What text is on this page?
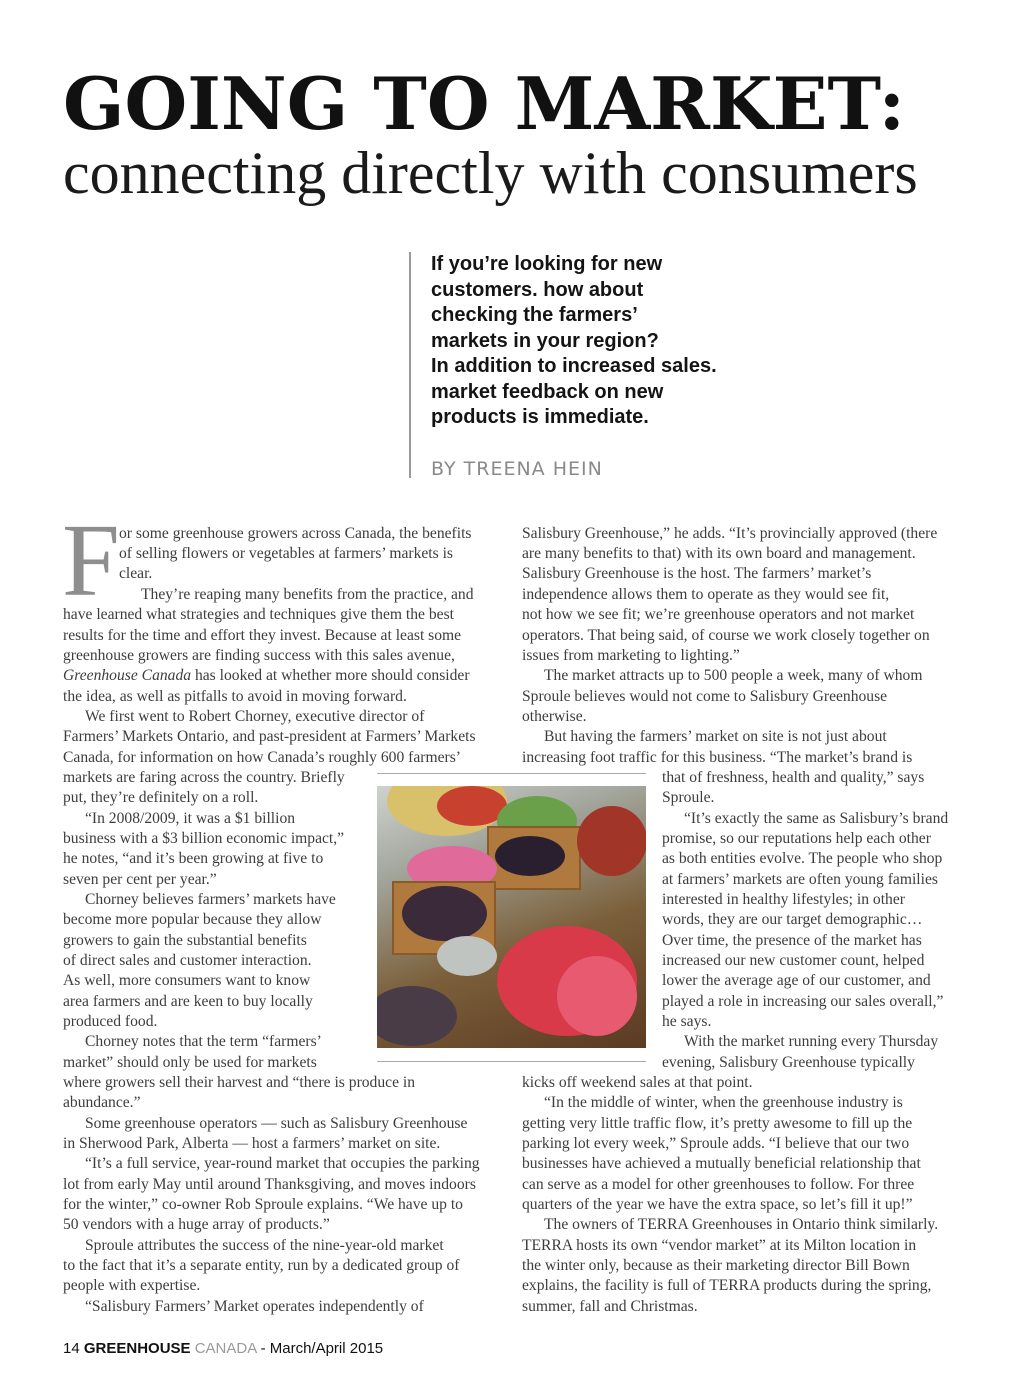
GOING TO MARKET:
connecting directly with consumers
If you’re looking for new
customers. how about
checking the farmers’
markets in your region?
In addition to increased sales.
market feedback on new
products is immediate.
BY TREENA HEIN
F or some greenhouse growers across Canada, the benefits

of selling flowers or vegetables at farmers’ markets is

clear.

They’re reaping many benefits from the practice, and

have learned what strategies and techniques give them the best

results for the time and effort they invest. Because at least some

greenhouse growers are finding success with this sales avenue,

Greenhouse Canada has looked at whether more should consider

the idea, as well as pitfalls to avoid in moving forward.

We first went to Robert Chorney, executive director of

Farmers’ Markets Ontario, and past-president at Farmers’ Markets

Canada, for information on how Canada’s roughly 600 farmers’

markets are faring across the country. Briefly

put, they’re definitely on a roll.

“In 2008/2009, it was a $1 billion

business with a $3 billion economic impact,”

he notes, “and it’s been growing at five to

seven per cent per year.”

Chorney believes farmers’ markets have

become more popular because they allow

growers to gain the substantial benefits

of direct sales and customer interaction.

As well, more consumers want to know

area farmers and are keen to buy locally

produced food.

Chorney notes that the term “farmers’

market” should only be used for markets

where growers sell their harvest and “there is produce in

abundance.”

Some greenhouse operators — such as Salisbury Greenhouse

in Sherwood Park, Alberta — host a farmers’ market on site.

“It’s a full service, year-round market that occupies the parking

lot from early May until around Thanksgiving, and moves indoors

for the winter,” co-owner Rob Sproule explains. “We have up to

50 vendors with a huge array of products.”

Sproule attributes the success of the nine-year-old market

to the fact that it’s a separate entity, run by a dedicated group of

people with expertise.

“Salisbury Farmers’ Market operates independently of

Salisbury Greenhouse,” he adds. “It’s provincially approved (there

are many benefits to that) with its own board and management.

Salisbury Greenhouse is the host. The farmers’ market’s

independence allows them to operate as they would see fit,

not how we see fit; we’re greenhouse operators and not market

operators. That being said, of course we work closely together on

issues from marketing to lighting.”

The market attracts up to 500 people a week, many of whom

Sproule believes would not come to Salisbury Greenhouse

otherwise.

But having the farmers’ market on site is not just about

increasing foot traffic for this business. “The market’s brand is

that of freshness, health and quality,” says

Sproule.

“It’s exactly the same as Salisbury’s brand

promise, so our reputations help each other

as both entities evolve. The people who shop

at farmers’ markets are often young families

interested in healthy lifestyles; in other

words, they are our target demographic…

Over time, the presence of the market has

increased our new customer count, helped

lower the average age of our customer, and

played a role in increasing our sales overall,”

he says.

With the market running every Thursday

evening, Salisbury Greenhouse typically

kicks off weekend sales at that point.

“In the middle of winter, when the greenhouse industry is

getting very little traffic flow, it’s pretty awesome to fill up the

parking lot every week,” Sproule adds. “I believe that our two

businesses have achieved a mutually beneficial relationship that

can serve as a model for other greenhouses to follow. For three

quarters of the year we have the extra space, so let’s fill it up!”

The owners of TERRA Greenhouses in Ontario think similarly.

TERRA hosts its own “vendor market” at its Milton location in

the winter only, because as their marketing director Bill Bown

explains, the facility is full of TERRA products during the spring,

summer, fall and Christmas.

14 GREENHOUSE CANADA - March/April 2015
